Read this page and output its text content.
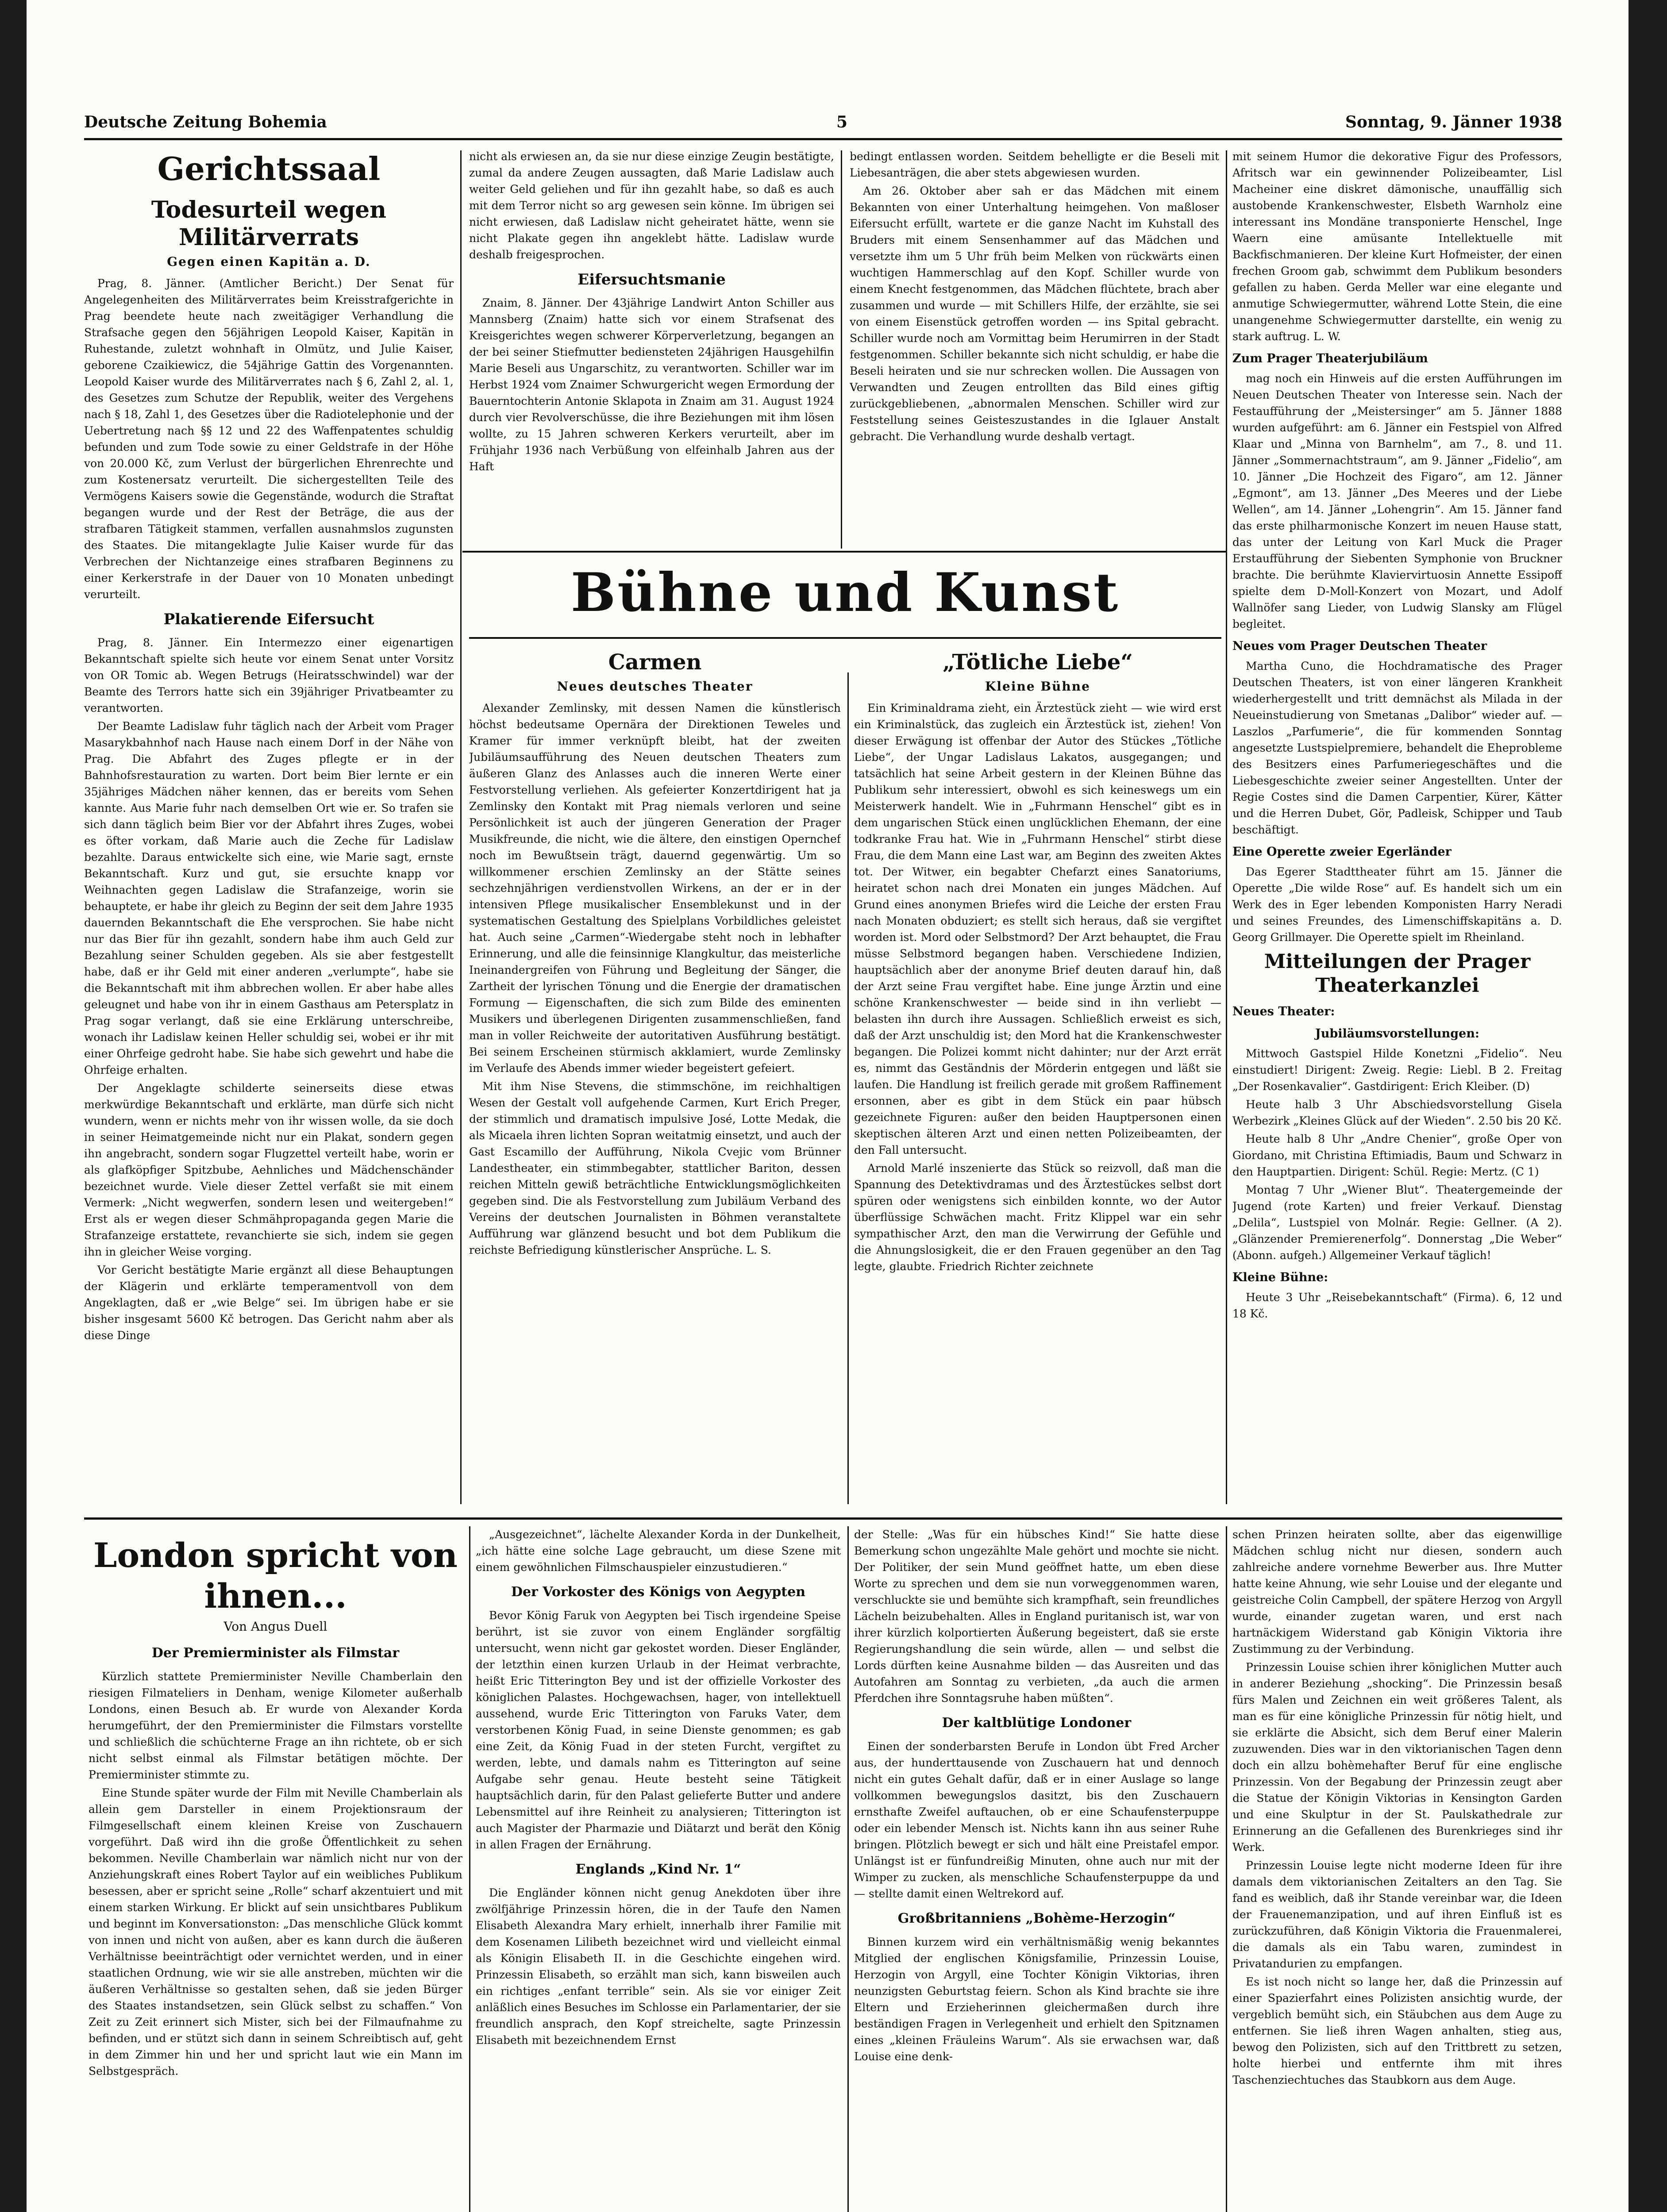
Deutsche Zeitung Bohemia	5	Sonntag, 9. Jänner 1938
Gerichtssaal
Todesurteil wegen Militärverrats
Gegen einen Kapitän a. D.

Prag, 8. Jänner. (Amtlicher Bericht.) Der Senat für Angelegenheiten des Militärverrates beim Kreisstrafgerichte in Prag beendete heute nach zweitägiger Verhandlung die Strafsache gegen den 56jährigen Leopold Kaiser, Kapitän in Ruhestande, zuletzt wohnhaft in Olmütz, und Julie Kaiser, geborene Czaikiewicz, die 54jährige Gattin des Vorgenannten. Leopold Kaiser wurde des Militärverrates nach § 6, Zahl 2, al. 1, des Gesetzes zum Schutze der Republik, weiter des Vergehens nach § 18, Zahl 1, des Gesetzes über die Radiotelephonie und der Uebertretung nach §§ 12 und 22 des Waffenpatentes schuldig befunden und zum Tode sowie zu einer Geldstrafe in der Höhe von 20.000 Kč, zum Verlust der bürgerlichen Ehrenrechte und zum Kostenersatz verurteilt. Die sichergestellten Teile des Vermögens Kaisers sowie die Gegenstände, wodurch die Straftat begangen wurde und der Rest der Beträge, die aus der strafbaren Tätigkeit stammen, verfallen ausnahmslos zugunsten des Staates. Die mitangeklagte Julie Kaiser wurde für das Verbrechen der Nichtanzeige eines strafbaren Beginnens zu einer Kerkerstrafe in der Dauer von 10 Monaten unbedingt verurteilt.

Plakatierende Eifersucht

Prag, 8. Jänner. Ein Intermezzo einer eigenartigen Bekanntschaft spielte sich heute vor einem Senat unter Vorsitz von OR Tomic ab. Wegen Betrugs (Heiratsschwindel) war der Beamte des Terrors hatte sich ein 39jähriger Privatbeamter zu verantworten.

Der Beamte Ladislaw fuhr täglich nach der Arbeit vom Prager Masarykbahnhof nach Hause nach einem Dorf in der Nähe von Prag. Die Abfahrt des Zuges pflegte er in der Bahnhofsrestauration zu warten. Dort beim Bier lernte er ein 35jähriges Mädchen näher kennen, das er bereits vom Sehen kannte. Aus Marie fuhr nach demselben Ort wie er. So trafen sie sich dann täglich beim Bier vor der Abfahrt ihres Zuges, wobei es öfter vorkam, daß Marie auch die Zeche für Ladislaw bezahlte. Daraus entwickelte sich eine, wie Marie sagt, ernste Bekanntschaft. Kurz und gut, sie ersuchte knapp vor Weihnachten gegen Ladislaw die Strafanzeige, worin sie behauptete, er habe ihr gleich zu Beginn der seit dem Jahre 1935 dauernden Bekanntschaft die Ehe versprochen. Sie habe nicht nur das Bier für ihn gezahlt, sondern habe ihm auch Geld zur Bezahlung seiner Schulden gegeben. Als sie aber festgestellt habe, daß er ihr Geld mit einer anderen „verlumpte“, habe sie die Bekanntschaft mit ihm abbrechen wollen. Er aber habe alles geleugnet und habe von ihr in einem Gasthaus am Petersplatz in Prag sogar verlangt, daß sie eine Erklärung unterschreibe, wonach ihr Ladislaw keinen Heller schuldig sei, wobei er ihr mit einer Ohrfeige gedroht habe. Sie habe sich gewehrt und habe die Ohrfeige erhalten.

Der Angeklagte schilderte seinerseits diese etwas merkwürdige Bekanntschaft und erklärte, man dürfe sich nicht wundern, wenn er nichts mehr von ihr wissen wolle, da sie doch in seiner Heimatgemeinde nicht nur ein Plakat, sondern gegen ihn angebracht, sondern sogar Flugzettel verteilt habe, worin er als glafköpfiger Spitzbube, Aehnliches und Mädchenschänder bezeichnet wurde. Viele dieser Zettel verfaßt sie mit einem Vermerk: „Nicht wegwerfen, sondern lesen und weitergeben!“ Erst als er wegen dieser Schmähpropaganda gegen Marie die Strafanzeige erstattete, revanchierte sie sich, indem sie gegen ihn in gleicher Weise vorging.

Vor Gericht bestätigte Marie ergänzt all diese Behauptungen der Klägerin und erklärte temperamentvoll von dem Angeklagten, daß er „wie Belge“ sei. Im übrigen habe er sie bisher insgesamt 5600 Kč betrogen. Das Gericht nahm aber als diese Dinge

nicht als erwiesen an, da sie nur diese einzige Zeugin bestätigte, zumal da andere Zeugen aussagten, daß Marie Ladislaw auch weiter Geld geliehen und für ihn gezahlt habe, so daß es auch mit dem Terror nicht so arg gewesen sein könne. Im übrigen sei nicht erwiesen, daß Ladislaw nicht geheiratet hätte, wenn sie nicht Plakate gegen ihn angeklebt hätte. Ladislaw wurde deshalb freigesprochen.

Eifersuchtsmanie

Znaim, 8. Jänner. Der 43jährige Landwirt Anton Schiller aus Mannsberg (Znaim) hatte sich vor einem Strafsenat des Kreisgerichtes wegen schwerer Körperverletzung, begangen an der bei seiner Stiefmutter bediensteten 24jährigen Hausgehilfin Marie Beseli aus Ungarschitz, zu verantworten. Schiller war im Herbst 1924 vom Znaimer Schwurgericht wegen Ermordung der Bauerntochterin Antonie Sklapota in Znaim am 31. August 1924 durch vier Revolverschüsse, die ihre Beziehungen mit ihm lösen wollte, zu 15 Jahren schweren Kerkers verurteilt, aber im Frühjahr 1936 nach Verbüßung von elfeinhalb Jahren aus der Haft

bedingt entlassen worden. Seitdem behelligte er die Beseli mit Liebesanträgen, die aber stets abgewiesen wurden.

Am 26. Oktober aber sah er das Mädchen mit einem Bekannten von einer Unterhaltung heimgehen. Von maßloser Eifersucht erfüllt, wartete er die ganze Nacht im Kuhstall des Bruders mit einem Sensenhammer auf das Mädchen und versetzte ihm um 5 Uhr früh beim Melken von rückwärts einen wuchtigen Hammerschlag auf den Kopf. Schiller wurde von einem Knecht festgenommen, das Mädchen flüchtete, brach aber zusammen und wurde — mit Schillers Hilfe, der erzählte, sie sei von einem Eisenstück getroffen worden — ins Spital gebracht. Schiller wurde noch am Vormittag beim Herumirren in der Stadt festgenommen. Schiller bekannte sich nicht schuldig, er habe die Beseli heiraten und sie nur schrecken wollen. Die Aussagen von Verwandten und Zeugen entrollten das Bild eines giftig zurückgebliebenen, „abnormalen Menschen. Schiller wird zur Feststellung seines Geisteszustandes in die Iglauer Anstalt gebracht. Die Verhandlung wurde deshalb vertagt.

Bühne und Kunst
Carmen
Neues deutsches Theater

Alexander Zemlinsky, mit dessen Namen die künstlerisch höchst bedeutsame Opernära der Direktionen Teweles und Kramer für immer verknüpft bleibt, hat der zweiten Jubiläumsaufführung des Neuen deutschen Theaters zum äußeren Glanz des Anlasses auch die inneren Werte einer Festvorstellung verliehen. Als gefeierter Konzertdirigent hat ja Zemlinsky den Kontakt mit Prag niemals verloren und seine Persönlichkeit ist auch der jüngeren Generation der Prager Musikfreunde, die nicht, wie die ältere, den einstigen Opernchef noch im Bewußtsein trägt, dauernd gegenwärtig. Um so willkommener erschien Zemlinsky an der Stätte seines sechzehnjährigen verdienstvollen Wirkens, an der er in der intensiven Pflege musikalischer Ensemblekunst und in der systematischen Gestaltung des Spielplans Vorbildliches geleistet hat. Auch seine „Carmen“-Wiedergabe steht noch in lebhafter Erinnerung, und alle die feinsinnige Klangkultur, das meisterliche Ineinandergreifen von Führung und Begleitung der Sänger, die Zartheit der lyrischen Tönung und die Energie der dramatischen Formung — Eigenschaften, die sich zum Bilde des eminenten Musikers und überlegenen Dirigenten zusammenschließen, fand man in voller Reichweite der autoritativen Ausführung bestätigt. Bei seinem Erscheinen stürmisch akklamiert, wurde Zemlinsky im Verlaufe des Abends immer wieder begeistert gefeiert.

Mit ihm Nise Stevens, die stimmschöne, im reichhaltigen Wesen der Gestalt voll aufgehende Carmen, Kurt Erich Preger, der stimmlich und dramatisch impulsive José, Lotte Medak, die als Micaela ihren lichten Sopran weitatmig einsetzt, und auch der Gast Escamillo der Aufführung, Nikola Cvejic vom Brünner Landestheater, ein stimmbegabter, stattlicher Bariton, dessen reichen Mitteln gewiß beträchtliche Entwicklungsmöglichkeiten gegeben sind. Die als Festvorstellung zum Jubiläum Verband des Vereins der deutschen Journalisten in Böhmen veranstaltete Aufführung war glänzend besucht und bot dem Publikum die reichste Befriedigung künstlerischer Ansprüche. L. S.

„Tötliche Liebe“
Kleine Bühne

Ein Kriminaldrama zieht, ein Ärztestück zieht — wie wird erst ein Kriminalstück, das zugleich ein Ärztestück ist, ziehen! Von dieser Erwägung ist offenbar der Autor des Stückes „Tötliche Liebe“, der Ungar Ladislaus Lakatos, ausgegangen; und tatsächlich hat seine Arbeit gestern in der Kleinen Bühne das Publikum sehr interessiert, obwohl es sich keineswegs um ein Meisterwerk handelt. Wie in „Fuhrmann Henschel“ gibt es in dem ungarischen Stück einen unglücklichen Ehemann, der eine todkranke Frau hat. Wie in „Fuhrmann Henschel“ stirbt diese Frau, die dem Mann eine Last war, am Beginn des zweiten Aktes tot. Der Witwer, ein begabter Chefarzt eines Sanatoriums, heiratet schon nach drei Monaten ein junges Mädchen. Auf Grund eines anonymen Briefes wird die Leiche der ersten Frau nach Monaten obduziert; es stellt sich heraus, daß sie vergiftet worden ist. Mord oder Selbstmord? Der Arzt behauptet, die Frau müsse Selbstmord begangen haben. Verschiedene Indizien, hauptsächlich aber der anonyme Brief deuten darauf hin, daß der Arzt seine Frau vergiftet habe. Eine junge Ärztin und eine schöne Krankenschwester — beide sind in ihn verliebt — belasten ihn durch ihre Aussagen. Schließlich erweist es sich, daß der Arzt unschuldig ist; den Mord hat die Krankenschwester begangen. Die Polizei kommt nicht dahinter; nur der Arzt errät es, nimmt das Geständnis der Mörderin entgegen und läßt sie laufen. Die Handlung ist freilich gerade mit großem Raffinement ersonnen, aber es gibt in dem Stück ein paar hübsch gezeichnete Figuren: außer den beiden Hauptpersonen einen skeptischen älteren Arzt und einen netten Polizeibeamten, der den Fall untersucht.

Arnold Marlé inszenierte das Stück so reizvoll, daß man die Spannung des Detektivdramas und des Ärztestückes selbst dort spüren oder wenigstens sich einbilden konnte, wo der Autor überflüssige Schwächen macht. Fritz Klippel war ein sehr sympathischer Arzt, den man die Verwirrung der Gefühle und die Ahnungslosigkeit, die er den Frauen gegenüber an den Tag legte, glaubte. Friedrich Richter zeichnete

mit seinem Humor die dekorative Figur des Professors, Afritsch war ein gewinnender Polizeibeamter, Lisl Macheiner eine diskret dämonische, unauffällig sich austobende Krankenschwester, Elsbeth Warnholz eine interessant ins Mondäne transponierte Henschel, Inge Waern eine amüsante Intellektuelle mit Backfischmanieren. Der kleine Kurt Hofmeister, der einen frechen Groom gab, schwimmt dem Publikum besonders gefallen zu haben. Gerda Meller war eine elegante und anmutige Schwiegermutter, während Lotte Stein, die eine unangenehme Schwiegermutter darstellte, ein wenig zu stark auftrug. L. W.

Zum Prager Theaterjubiläum

mag noch ein Hinweis auf die ersten Aufführungen im Neuen Deutschen Theater von Interesse sein. Nach der Festaufführung der „Meistersinger“ am 5. Jänner 1888 wurden aufgeführt: am 6. Jänner ein Festspiel von Alfred Klaar und „Minna von Barnhelm“, am 7., 8. und 11. Jänner „Sommernachtstraum“, am 9. Jänner „Fidelio“, am 10. Jänner „Die Hochzeit des Figaro“, am 12. Jänner „Egmont“, am 13. Jänner „Des Meeres und der Liebe Wellen“, am 14. Jänner „Lohengrin“. Am 15. Jänner fand das erste philharmonische Konzert im neuen Hause statt, das unter der Leitung von Karl Muck die Prager Erstaufführung der Siebenten Symphonie von Bruckner brachte. Die berühmte Klaviervirtuosin Annette Essipoff spielte dem D-Moll-Konzert von Mozart, und Adolf Wallnöfer sang Lieder, von Ludwig Slansky am Flügel begleitet.

Neues vom Prager Deutschen Theater

Martha Cuno, die Hochdramatische des Prager Deutschen Theaters, ist von einer längeren Krankheit wiederhergestellt und tritt demnächst als Milada in der Neueinstudierung von Smetanas „Dalibor“ wieder auf. — Laszlos „Parfumerie“, die für kommenden Sonntag angesetzte Lustspielpremiere, behandelt die Eheprobleme des Besitzers eines Parfumeriegeschäftes und die Liebesgeschichte zweier seiner Angestellten. Unter der Regie Costes sind die Damen Carpentier, Kürer, Kätter und die Herren Dubet, Gör, Padleisk, Schipper und Taub beschäftigt.

Eine Operette zweier Egerländer

Das Egerer Stadttheater führt am 15. Jänner die Operette „Die wilde Rose“ auf. Es handelt sich um ein Werk des in Eger lebenden Komponisten Harry Neradi und seines Freundes, des Limenschiffskapitäns a. D. Georg Grillmayer. Die Operette spielt im Rheinland.

Mitteilungen der Prager Theaterkanzlei
Neues Theater:
Jubiläumsvorstellungen:

Mittwoch Gastspiel Hilde Konetzni „Fidelio“. Neu einstudiert! Dirigent: Zweig. Regie: Liebl. B 2. Freitag „Der Rosenkavalier“. Gastdirigent: Erich Kleiber. (D)

Heute halb 3 Uhr Abschiedsvorstellung Gisela Werbezirk „Kleines Glück auf der Wieden“. 2.50 bis 20 Kč.

Heute halb 8 Uhr „Andre Chenier“, große Oper von Giordano, mit Christina Eftimiadis, Baum und Schwarz in den Hauptpartien. Dirigent: Schül. Regie: Mertz. (C 1)

Montag 7 Uhr „Wiener Blut“. Theatergemeinde der Jugend (rote Karten) und freier Verkauf. Dienstag „Delila“, Lustspiel von Molnár. Regie: Gellner. (A 2). „Glänzender Premierenerfolg“. Donnerstag „Die Weber“ (Abonn. aufgeh.) Allgemeiner Verkauf täglich!

Kleine Bühne:

Heute 3 Uhr „Reisebekanntschaft“ (Firma). 6, 12 und 18 Kč.

London spricht von ihnen...
Von Angus Duell
Der Premierminister als Filmstar

Kürzlich stattete Premierminister Neville Chamberlain den riesigen Filmateliers in Denham, wenige Kilometer außerhalb Londons, einen Besuch ab. Er wurde von Alexander Korda herumgeführt, der den Premierminister die Filmstars vorstellte und schließlich die schüchterne Frage an ihn richtete, ob er sich nicht selbst einmal als Filmstar betätigen möchte. Der Premierminister stimmte zu.

Eine Stunde später wurde der Film mit Neville Chamberlain als allein gem Darsteller in einem Projektionsraum der Filmgesellschaft einem kleinen Kreise von Zuschauern vorgeführt. Daß wird ihn die große Öffentlichkeit zu sehen bekommen. Neville Chamberlain war nämlich nicht nur von der Anziehungskraft eines Robert Taylor auf ein weibliches Publikum besessen, aber er spricht seine „Rolle“ scharf akzentuiert und mit einem starken Wirkung. Er blickt auf sein unsichtbares Publikum und beginnt im Konversationston: „Das menschliche Glück kommt von innen und nicht von außen, aber es kann durch die äußeren Verhältnisse beeinträchtigt oder vernichtet werden, und in einer staatlichen Ordnung, wie wir sie alle anstreben, müchten wir die äußeren Verhältnisse so gestalten sehen, daß sie jeden Bürger des Staates instandsetzen, sein Glück selbst zu schaffen.“ Von Zeit zu Zeit erinnert sich Mister, sich bei der Filmaufnahme zu befinden, und er stützt sich dann in seinem Schreibtisch auf, geht in dem Zimmer hin und her und spricht laut wie ein Mann im Selbstgespräch.

„Ausgezeichnet“, lächelte Alexander Korda in der Dunkelheit, „ich hätte eine solche Lage gebraucht, um diese Szene mit einem gewöhnlichen Filmschauspieler einzustudieren.“

Der Vorkoster des Königs von Aegypten

Bevor König Faruk von Aegypten bei Tisch irgendeine Speise berührt, ist sie zuvor von einem Engländer sorgfältig untersucht, wenn nicht gar gekostet worden. Dieser Engländer, der letzthin einen kurzen Urlaub in der Heimat verbrachte, heißt Eric Titterington Bey und ist der offizielle Vorkoster des königlichen Palastes. Hochgewachsen, hager, von intellektuell aussehend, wurde Eric Titterington von Faruks Vater, dem verstorbenen König Fuad, in seine Dienste genommen; es gab eine Zeit, da König Fuad in der steten Furcht, vergiftet zu werden, lebte, und damals nahm es Titterington auf seine Aufgabe sehr genau. Heute besteht seine Tätigkeit hauptsächlich darin, für den Palast gelieferte Butter und andere Lebensmittel auf ihre Reinheit zu analysieren; Titterington ist auch Magister der Pharmazie und Diätarzt und berät den König in allen Fragen der Ernährung.

Englands „Kind Nr. 1“

Die Engländer können nicht genug Anekdoten über ihre zwölfjährige Prinzessin hören, die in der Taufe den Namen Elisabeth Alexandra Mary erhielt, innerhalb ihrer Familie mit dem Kosenamen Lilibeth bezeichnet wird und vielleicht einmal als Königin Elisabeth II. in die Geschichte eingehen wird. Prinzessin Elisabeth, so erzählt man sich, kann bisweilen auch ein richtiges „enfant terrible“ sein. Als sie vor einiger Zeit anläßlich eines Besuches im Schlosse ein Parlamentarier, der sie freundlich ansprach, den Kopf streichelte, sagte Prinzessin Elisabeth mit bezeichnendem Ernst

der Stelle: „Was für ein hübsches Kind!“ Sie hatte diese Bemerkung schon ungezählte Male gehört und mochte sie nicht. Der Politiker, der sein Mund geöffnet hatte, um eben diese Worte zu sprechen und dem sie nun vorweggenommen waren, verschluckte sie und bemühte sich krampfhaft, sein freundliches Lächeln beizubehalten. Alles in England puritanisch ist, war von ihrer kürzlich kolportierten Äußerung begeistert, daß sie erste Regierungshandlung die sein würde, allen — und selbst die Lords dürften keine Ausnahme bilden — das Ausreiten und das Autofahren am Sonntag zu verbieten, „da auch die armen Pferdchen ihre Sonntagsruhe haben müßten“.

Der kaltblütige Londoner

Einen der sonderbarsten Berufe in London übt Fred Archer aus, der hunderttausende von Zuschauern hat und dennoch nicht ein gutes Gehalt dafür, daß er in einer Auslage so lange vollkommen bewegungslos dasitzt, bis den Zuschauern ernsthafte Zweifel auftauchen, ob er eine Schaufensterpuppe oder ein lebender Mensch ist. Nichts kann ihn aus seiner Ruhe bringen. Plötzlich bewegt er sich und hält eine Preistafel empor. Unlängst ist er fünfundreißig Minuten, ohne auch nur mit der Wimper zu zucken, als menschliche Schaufensterpuppe da und — stellte damit einen Weltrekord auf.

Großbritanniens „Bohème-Herzogin“

Binnen kurzem wird ein verhältnismäßig wenig bekanntes Mitglied der englischen Königsfamilie, Prinzessin Louise, Herzogin von Argyll, eine Tochter Königin Viktorias, ihren neunzigsten Geburtstag feiern. Schon als Kind brachte sie ihre Eltern und Erzieherinnen gleichermaßen durch ihre beständigen Fragen in Verlegenheit und erhielt den Spitznamen eines „kleinen Fräuleins Warum“. Als sie erwachsen war, daß Louise eine denk-

schen Prinzen heiraten sollte, aber das eigenwillige Mädchen schlug nicht nur diesen, sondern auch zahlreiche andere vornehme Bewerber aus. Ihre Mutter hatte keine Ahnung, wie sehr Louise und der elegante und geistreiche Colin Campbell, der spätere Herzog von Argyll wurde, einander zugetan waren, und erst nach hartnäckigem Widerstand gab Königin Viktoria ihre Zustimmung zu der Verbindung.

Prinzessin Louise schien ihrer königlichen Mutter auch in anderer Beziehung „shocking“. Die Prinzessin besaß fürs Malen und Zeichnen ein weit größeres Talent, als man es für eine königliche Prinzessin für nötig hielt, und sie erklärte die Absicht, sich dem Beruf einer Malerin zuzuwenden. Dies war in den viktorianischen Tagen denn doch ein allzu bohèmehafter Beruf für eine englische Prinzessin. Von der Begabung der Prinzessin zeugt aber die Statue der Königin Viktorias in Kensington Garden und eine Skulptur in der St. Paulskathedrale zur Erinnerung an die Gefallenen des Burenkrieges sind ihr Werk.

Prinzessin Louise legte nicht moderne Ideen für ihre damals dem viktorianischen Zeitalters an den Tag. Sie fand es weiblich, daß ihr Stande vereinbar war, die Ideen der Frauenemanzipation, und auf ihren Einfluß ist es zurückzuführen, daß Königin Viktoria die Frauenmalerei, die damals als ein Tabu waren, zumindest in Privatandurien zu empfangen.

Es ist noch nicht so lange her, daß die Prinzessin auf einer Spazierfahrt eines Polizisten ansichtig wurde, der vergeblich bemüht sich, ein Stäubchen aus dem Auge zu entfernen. Sie ließ ihren Wagen anhalten, stieg aus, bewog den Polizisten, sich auf den Trittbrett zu setzen, holte hierbei und entfernte ihm mit ihres Taschenziechtuches das Staubkorn aus dem Auge.
